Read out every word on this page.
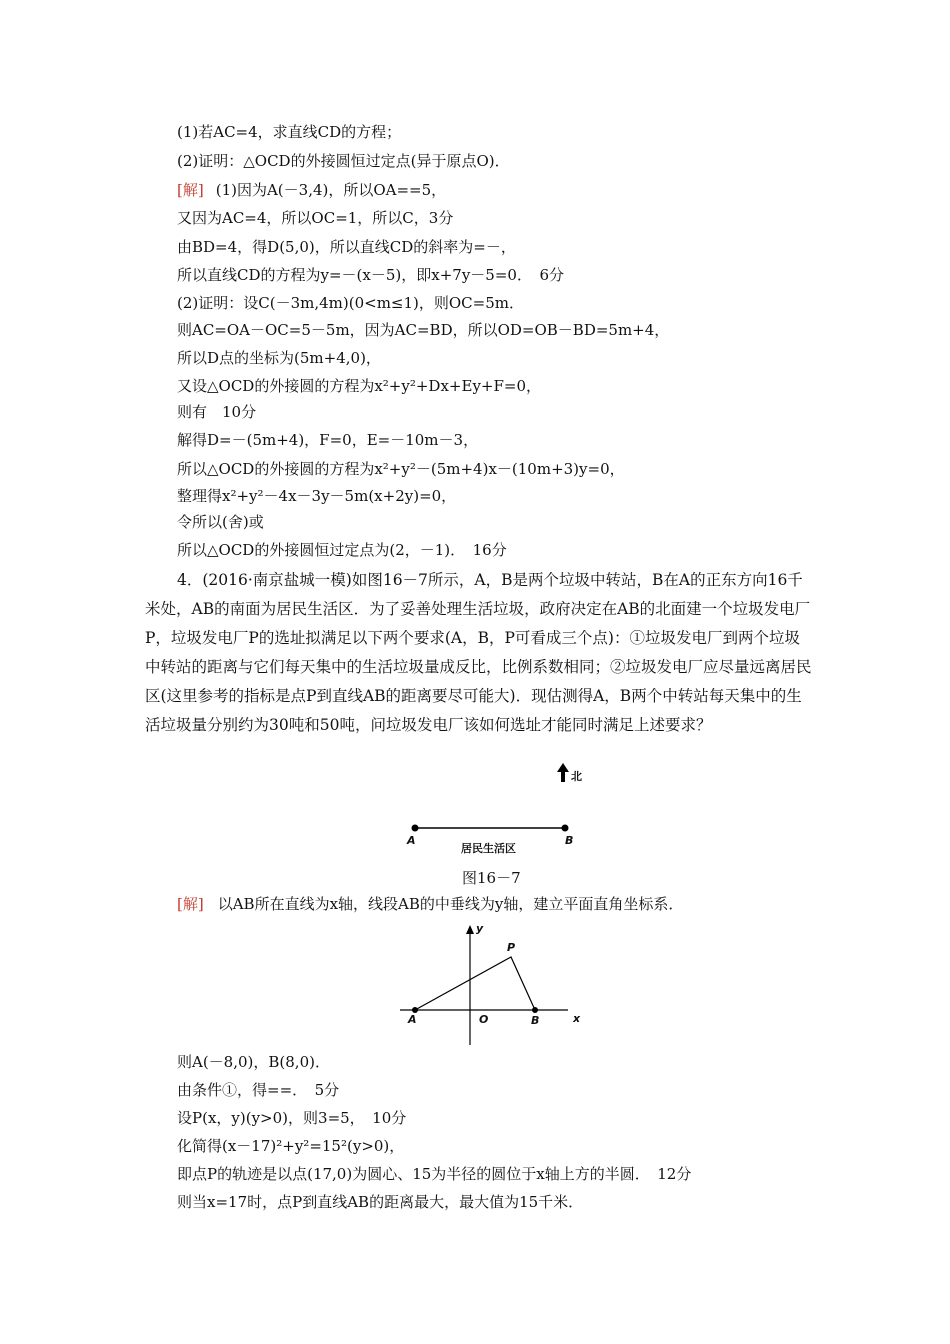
(1)若AC=4，求直线CD的方程；
(2)证明：△OCD的外接圆恒过定点(异于原点O)．
[解] (1)因为A(－3,4)，所以OA==5，
又因为AC=4，所以OC=1，所以C，3分
由BD=4，得D(5,0)，所以直线CD的斜率为=－，
所以直线CD的方程为y=－(x－5)，即x+7y－5=0．　6分
(2)证明：设C(－3m,4m)(0<m≤1)，则OC=5m．
则AC=OA－OC=5－5m，因为AC=BD，所以OD=OB－BD=5m+4，
所以D点的坐标为(5m+4,0)，
又设△OCD的外接圆的方程为x²+y²+Dx+Ey+F=0，
则有　10分
解得D=－(5m+4)，F=0，E=－10m－3，
所以△OCD的外接圆的方程为x²+y²－(5m+4)x－(10m+3)y=0，
整理得x²+y²－4x－3y－5m(x+2y)=0，
令所以(舍)或
所以△OCD的外接圆恒过定点为(2，－1)．　16分
4．(2016·南京盐城一模)如图16－7所示，A，B是两个垃圾中转站，B在A的正东方向16千米处，AB的南面为居民生活区．为了妥善处理生活垃圾，政府决定在AB的北面建一个垃圾发电厂P，垃圾发电厂P的选址拟满足以下两个要求(A，B，P可看成三个点)：①垃圾发电厂到两个垃圾中转站的距离与它们每天集中的生活垃圾量成反比，比例系数相同；②垃圾发电厂应尽量远离居民区(这里参考的指标是点P到直线AB的距离要尽可能大)．现估测得A，B两个中转站每天集中的生活垃圾量分别约为30吨和50吨，问垃圾发电厂该如何选址才能同时满足上述要求？
北
A	B
居民生活区
图16－7
[解] 以AB所在直线为x轴，线段AB的中垂线为y轴，建立平面直角坐标系．
y
x
P
A	O	B
则A(－8,0)，B(8,0)．
由条件①，得==．　5分
设P(x，y)(y>0)，则3=5，　10分
化简得(x－17)²+y²=15²(y>0)，
即点P的轨迹是以点(17,0)为圆心、15为半径的圆位于x轴上方的半圆．　12分
则当x=17时，点P到直线AB的距离最大，最大值为15千米．
